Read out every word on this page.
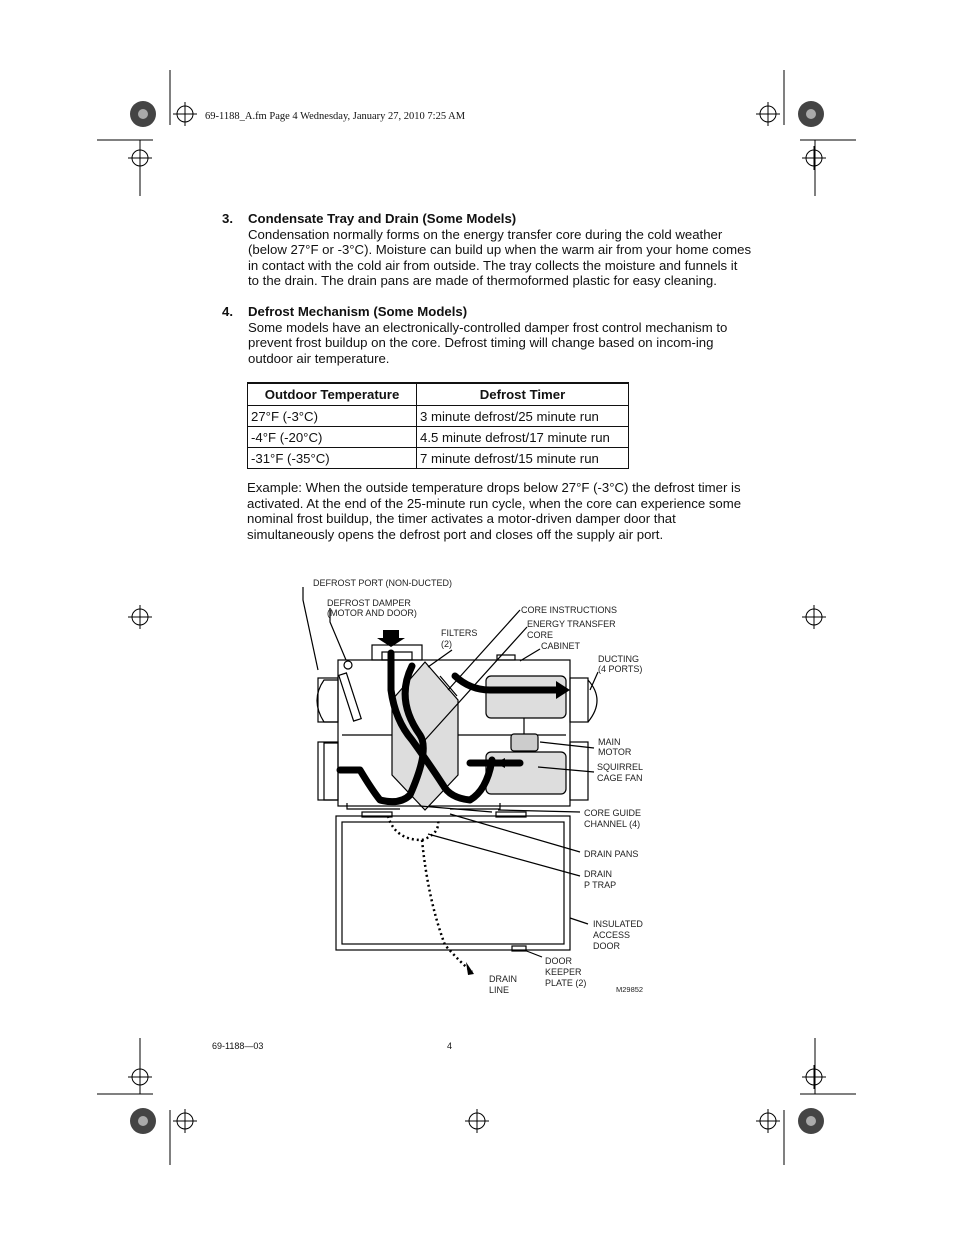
69-1188_A.fm Page 4 Wednesday, January 27, 2010 7:25 AM
3. Condensate Tray and Drain (Some Models)
Condensation normally forms on the energy transfer core during the cold weather (below 27°F or -3°C). Moisture can build up when the warm air from your home comes in contact with the cold air from outside. The tray collects the moisture and funnels it to the drain. The drain pans are made of thermoformed plastic for easy cleaning.
4. Defrost Mechanism (Some Models)
Some models have an electronically-controlled damper frost control mechanism to prevent frost buildup on the core. Defrost timing will change based on incom-ing outdoor air temperature.
Outdoor Temperature	Defrost Timer
27°F (-3°C)	3 minute defrost/25 minute run
-4°F (-20°C)	4.5 minute defrost/17 minute run
-31°F (-35°C)	7 minute defrost/15 minute run
Example: When the outside temperature drops below 27°F (-3°C) the defrost timer is activated. At the end of the 25-minute run cycle, when the core can experience some nominal frost buildup, the timer activates a motor-driven damper door that simultaneously opens the defrost port and closes off the supply air port.
DEFROST PORT (NON-DUCTED)
DEFROST DAMPER
(MOTOR AND DOOR)	CORE INSTRUCTIONS
ENERGY TRANSFER
CORE
FILTERS
(2)	CABINET
DUCTING
(4 PORTS)
MAIN
MOTOR
SQUIRREL
CAGE FAN
CORE GUIDE
CHANNEL (4)
DRAIN PANS
DRAIN
P TRAP
INSULATED
ACCESS
DOOR
DOOR
KEEPER
PLATE (2)
DRAIN
LINE	M29852
69-1188—03	4
